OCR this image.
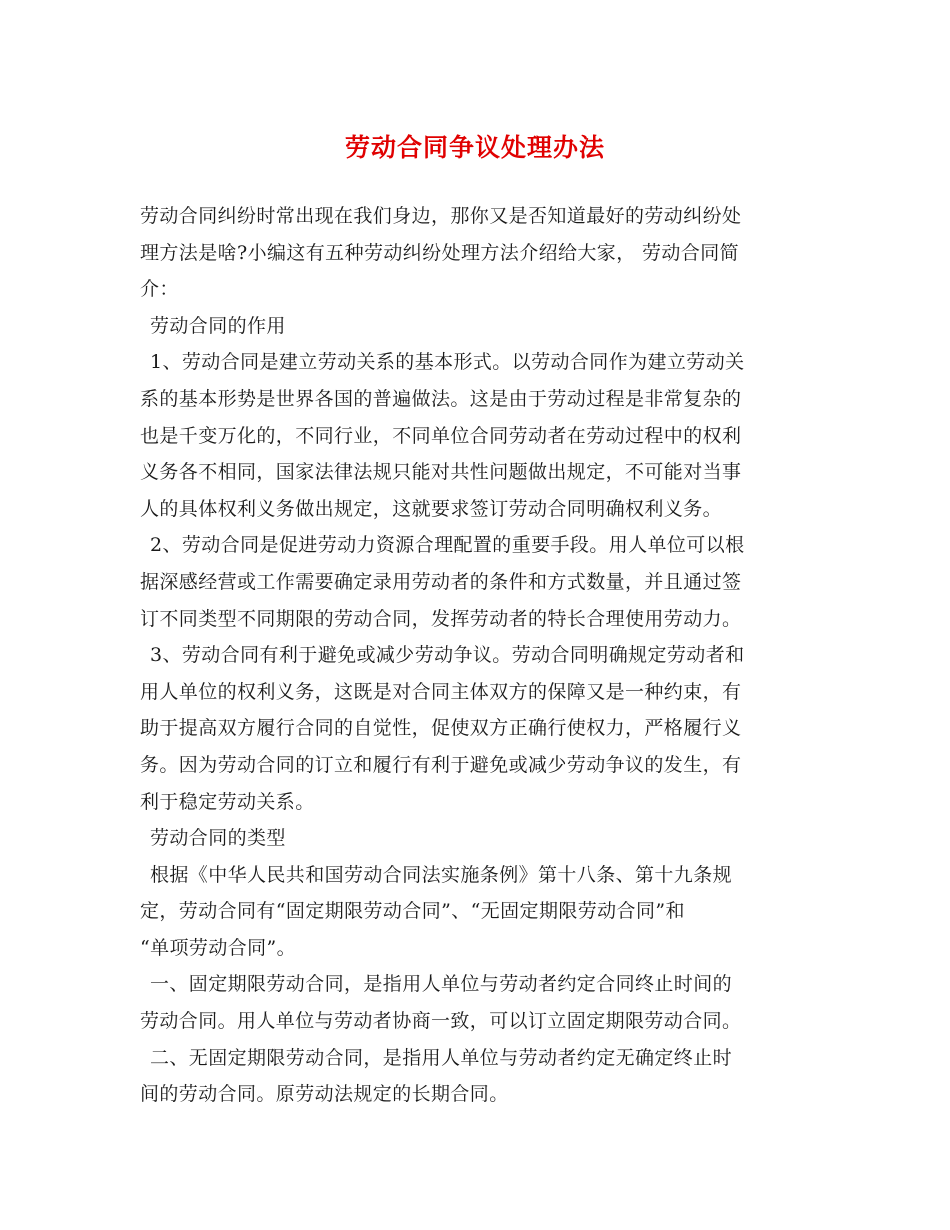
劳动合同争议处理办法
劳动合同纠纷时常出现在我们身边，那你又是否知道最好的劳动纠纷处
理方法是啥?小编这有五种劳动纠纷处理方法介绍给大家， 劳动合同简
介：
劳动合同的作用
1、劳动合同是建立劳动关系的基本形式。以劳动合同作为建立劳动关
系的基本形势是世界各国的普遍做法。这是由于劳动过程是非常复杂的
也是千变万化的，不同行业，不同单位合同劳动者在劳动过程中的权利
义务各不相同，国家法律法规只能对共性问题做出规定，不可能对当事
人的具体权利义务做出规定，这就要求签订劳动合同明确权利义务。
2、劳动合同是促进劳动力资源合理配置的重要手段。用人单位可以根
据深感经营或工作需要确定录用劳动者的条件和方式数量，并且通过签
订不同类型不同期限的劳动合同，发挥劳动者的特长合理使用劳动力。
3、劳动合同有利于避免或减少劳动争议。劳动合同明确规定劳动者和
用人单位的权利义务，这既是对合同主体双方的保障又是一种约束，有
助于提高双方履行合同的自觉性，促使双方正确行使权力，严格履行义
务。因为劳动合同的订立和履行有利于避免或减少劳动争议的发生，有
利于稳定劳动关系。
劳动合同的类型
根据《中华人民共和国劳动合同法实施条例》第十八条、第十九条规
定，劳动合同有“固定期限劳动合同”、“无固定期限劳动合同”和
“单项劳动合同”。
一、固定期限劳动合同，是指用人单位与劳动者约定合同终止时间的
劳动合同。用人单位与劳动者协商一致，可以订立固定期限劳动合同。
二、无固定期限劳动合同，是指用人单位与劳动者约定无确定终止时
间的劳动合同。原劳动法规定的长期合同。
